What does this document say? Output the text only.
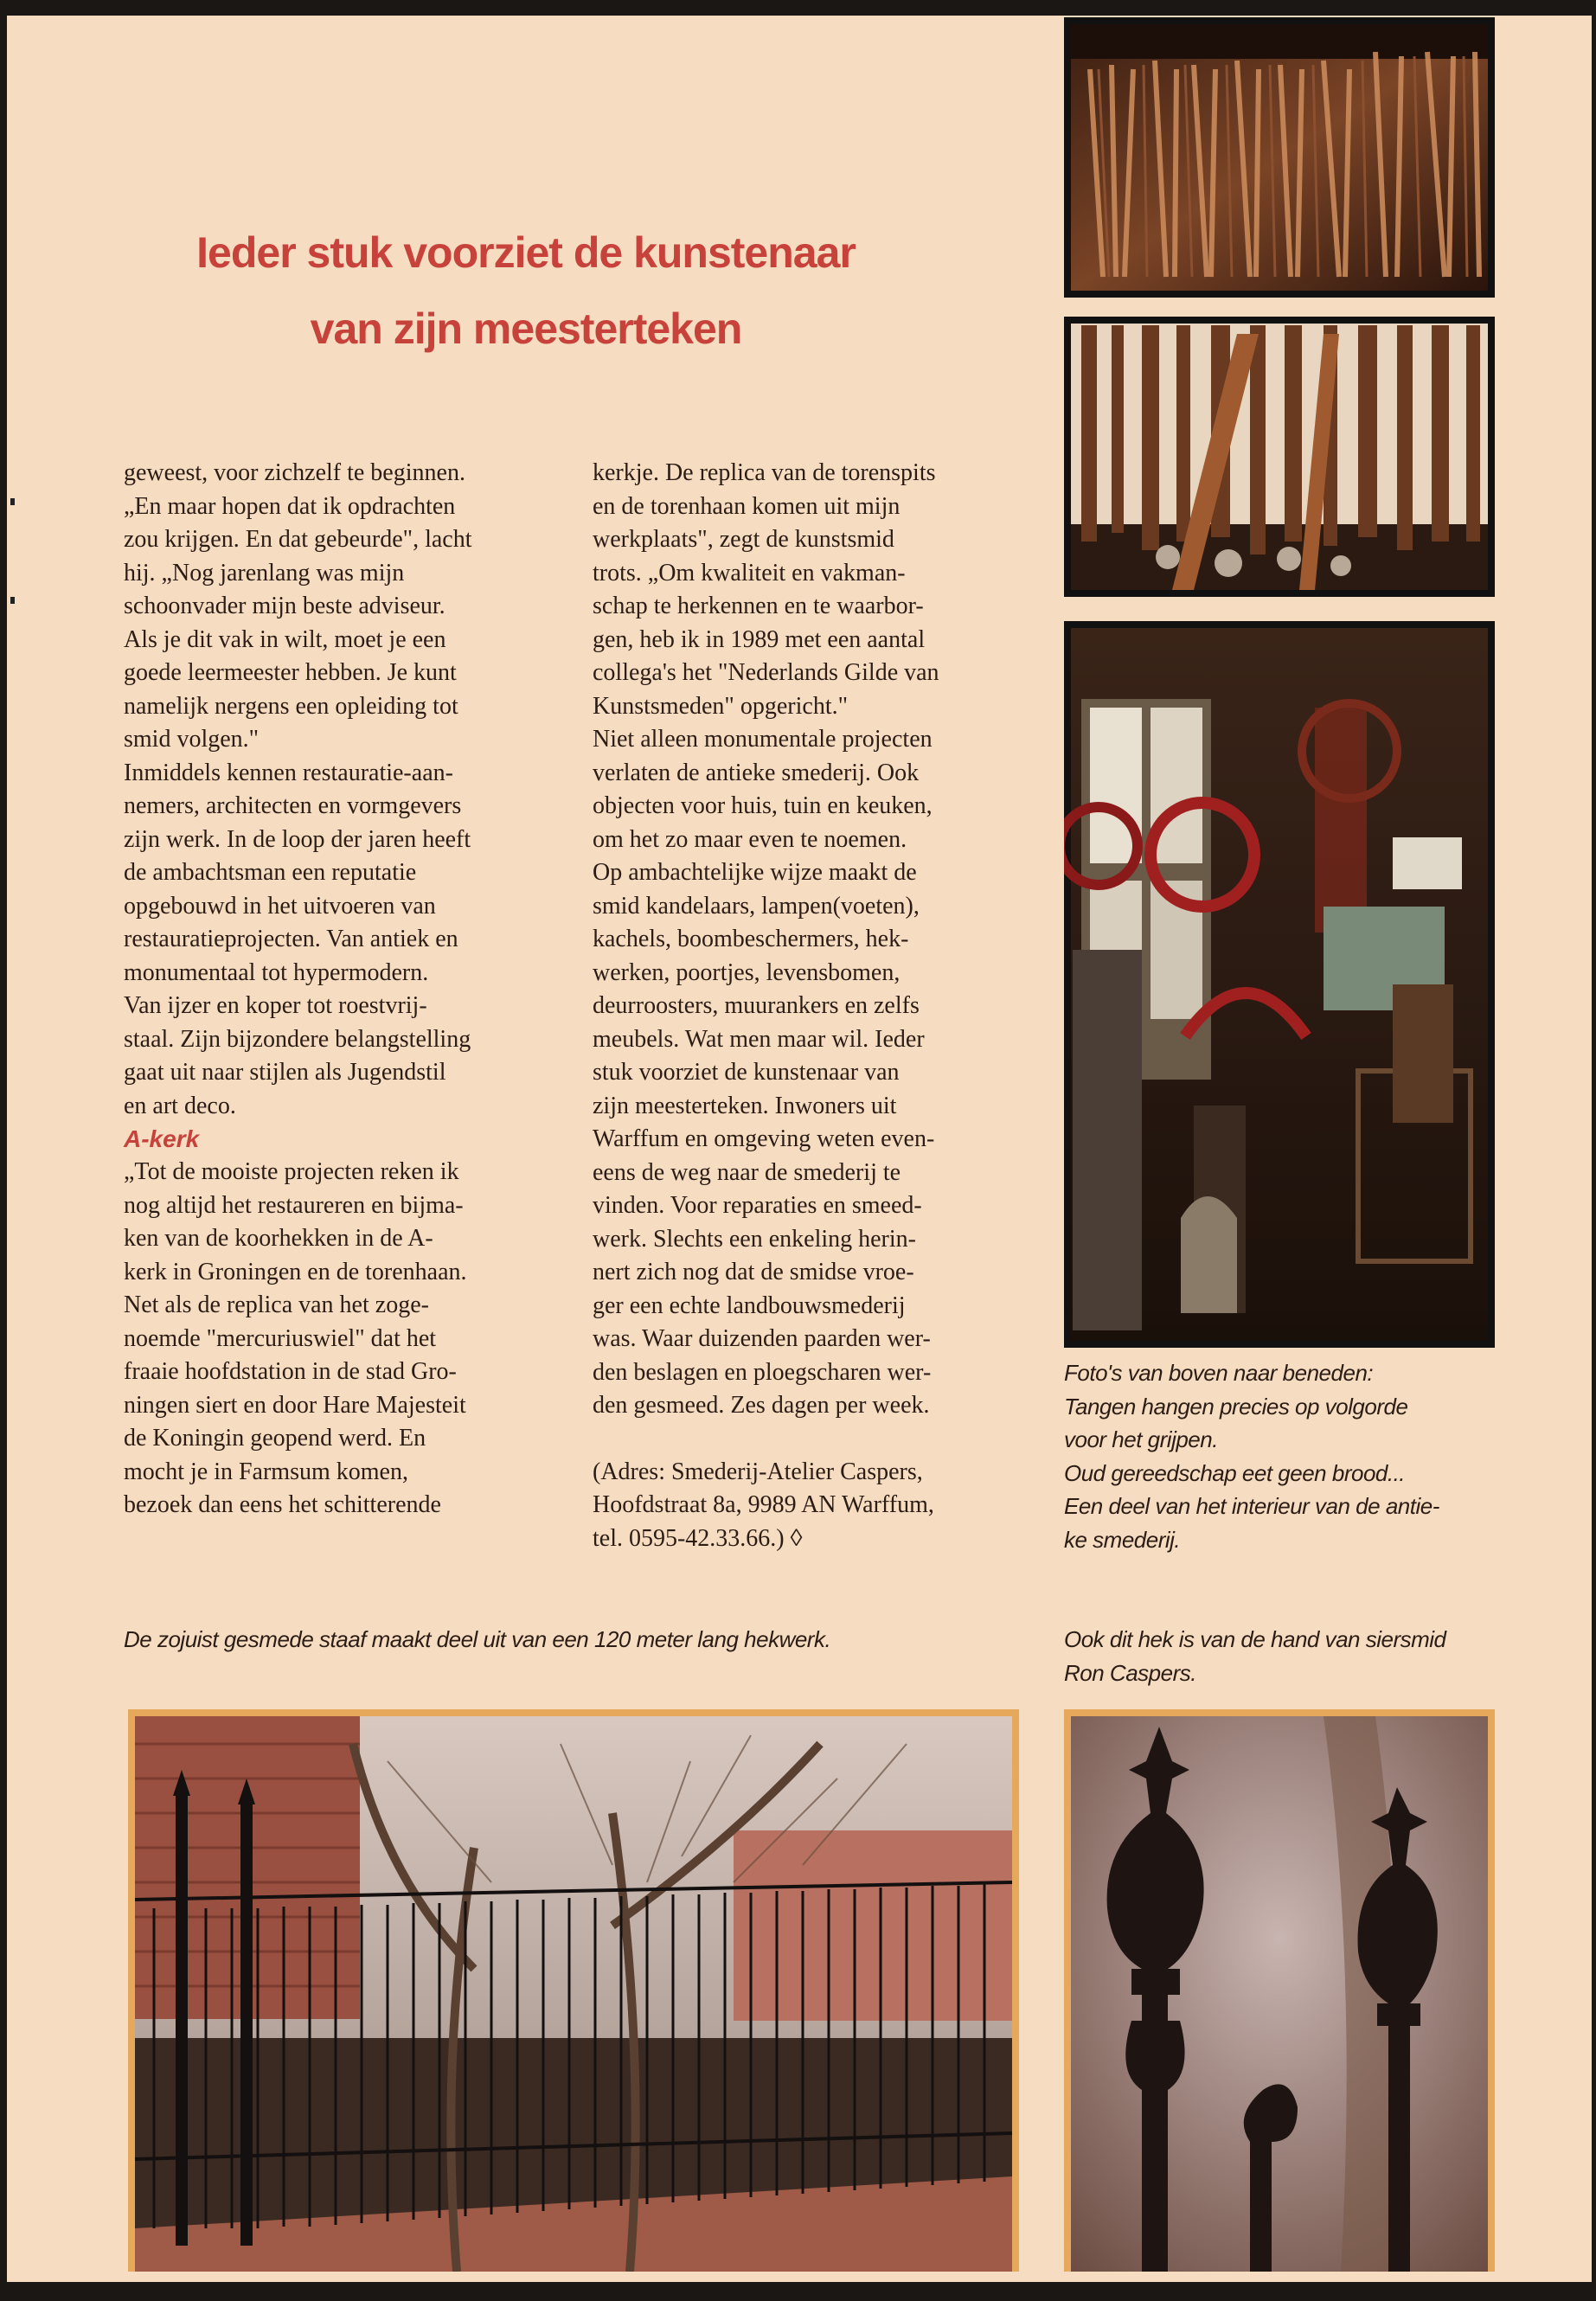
Ieder stuk voorziet de kunstenaar
van zijn meesterteken

geweest, voor zichzelf te beginnen.
„En maar hopen dat ik opdrachten
zou krijgen. En dat gebeurde", lacht
hij. „Nog jarenlang was mijn
schoonvader mijn beste adviseur.
Als je dit vak in wilt, moet je een
goede leermeester hebben. Je kunt
namelijk nergens een opleiding tot
smid volgen."

Inmiddels kennen restauratie-aan-
nemers, architecten en vormgevers
zijn werk. In de loop der jaren heeft
de ambachtsman een reputatie
opgebouwd in het uitvoeren van
restauratieprojecten. Van antiek en
monumentaal tot hypermodern.
Van ijzer en koper tot roestvrij-
staal. Zijn bijzondere belangstelling
gaat uit naar stijlen als Jugendstil
en art deco.

A-kerk

„Tot de mooiste projecten reken ik
nog altijd het restaureren en bijma-
ken van de koorhekken in de A-
kerk in Groningen en de torenhaan.
Net als de replica van het zoge-
noemde "mercuriuswiel" dat het
fraaie hoofdstation in de stad Gro-
ningen siert en door Hare Majesteit
de Koningin geopend werd. En
mocht je in Farmsum komen,
bezoek dan eens het schitterende

kerkje. De replica van de torenspits
en de torenhaan komen uit mijn
werkplaats", zegt de kunstsmid
trots. „Om kwaliteit en vakman-
schap te herkennen en te waarbor-
gen, heb ik in 1989 met een aantal
collega's het "Nederlands Gilde van
Kunstsmeden" opgericht."

Niet alleen monumentale projecten
verlaten de antieke smederij. Ook
objecten voor huis, tuin en keuken,
om het zo maar even te noemen.
Op ambachtelijke wijze maakt de
smid kandelaars, lampen(voeten),
kachels, boombeschermers, hek-
werken, poortjes, levensbomen,
deurroosters, muurankers en zelfs
meubels. Wat men maar wil. Ieder
stuk voorziet de kunstenaar van
zijn meesterteken. Inwoners uit
Warffum en omgeving weten even-
eens de weg naar de smederij te
vinden. Voor reparaties en smeed-
werk. Slechts een enkeling herin-
nert zich nog dat de smidse vroe-
ger een echte landbouwsmederij
was. Waar duizenden paarden wer-
den beslagen en ploegscharen wer-
den gesmeed. Zes dagen per week.

(Adres: Smederij-Atelier Caspers,
Hoofdstraat 8a, 9989 AN Warffum,
tel. 0595-42.33.66.) ◊

Foto's van boven naar beneden:
Tangen hangen precies op volgorde
voor het grijpen.
Oud gereedschap eet geen brood...
Een deel van het interieur van de antie-
ke smederij.
De zojuist gesmede staaf maakt deel uit van een 120 meter lang hekwerk.	Ook dit hek is van de hand van siersmid
Ron Caspers.
